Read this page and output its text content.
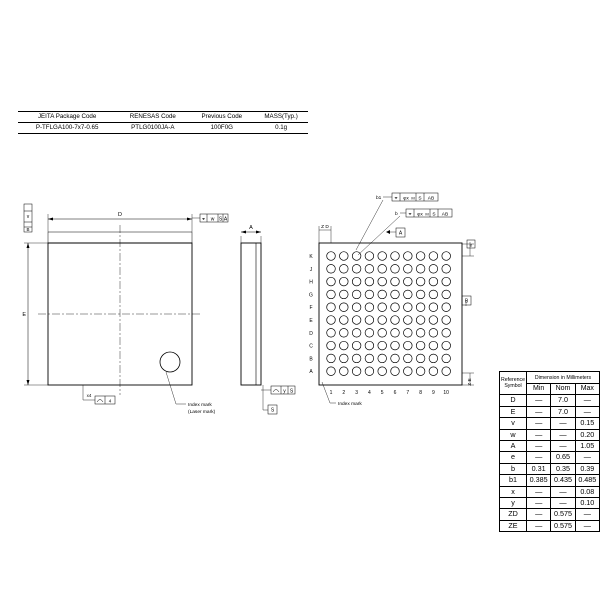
JEITA Package Code	RENESAS Code	Previous Code	MASS(Typ.)
P-TFLGA100-7x7-0.65	PTLG0100JA-A	100F0G	0.1g
D
E
⌖ w S A
v
B
x4
4
Index mark
(Laser mark)
A
y S
S
K
J
H
G
F
E
D
C
B
A
1 2 3 4 5 6 7 8 9 10
Z D
Z E
e
A
B
b1	⌖ φx M S AB
b ⌖ φx M S AB
Index mark
Reference Symbol	Dimension in Millimeters		
	Min	Nom	Max
D	—	7.0	—
E	—	7.0	—
v	—	—	0.15
w	—	—	0.20
A	—	—	1.05
e	—	0.65	—
b	0.31	0.35	0.39
b1	0.385	0.435	0.485
x	—	—	0.08
y	—	—	0.10
ZD	—	0.575	—
ZE	—	0.575	—
